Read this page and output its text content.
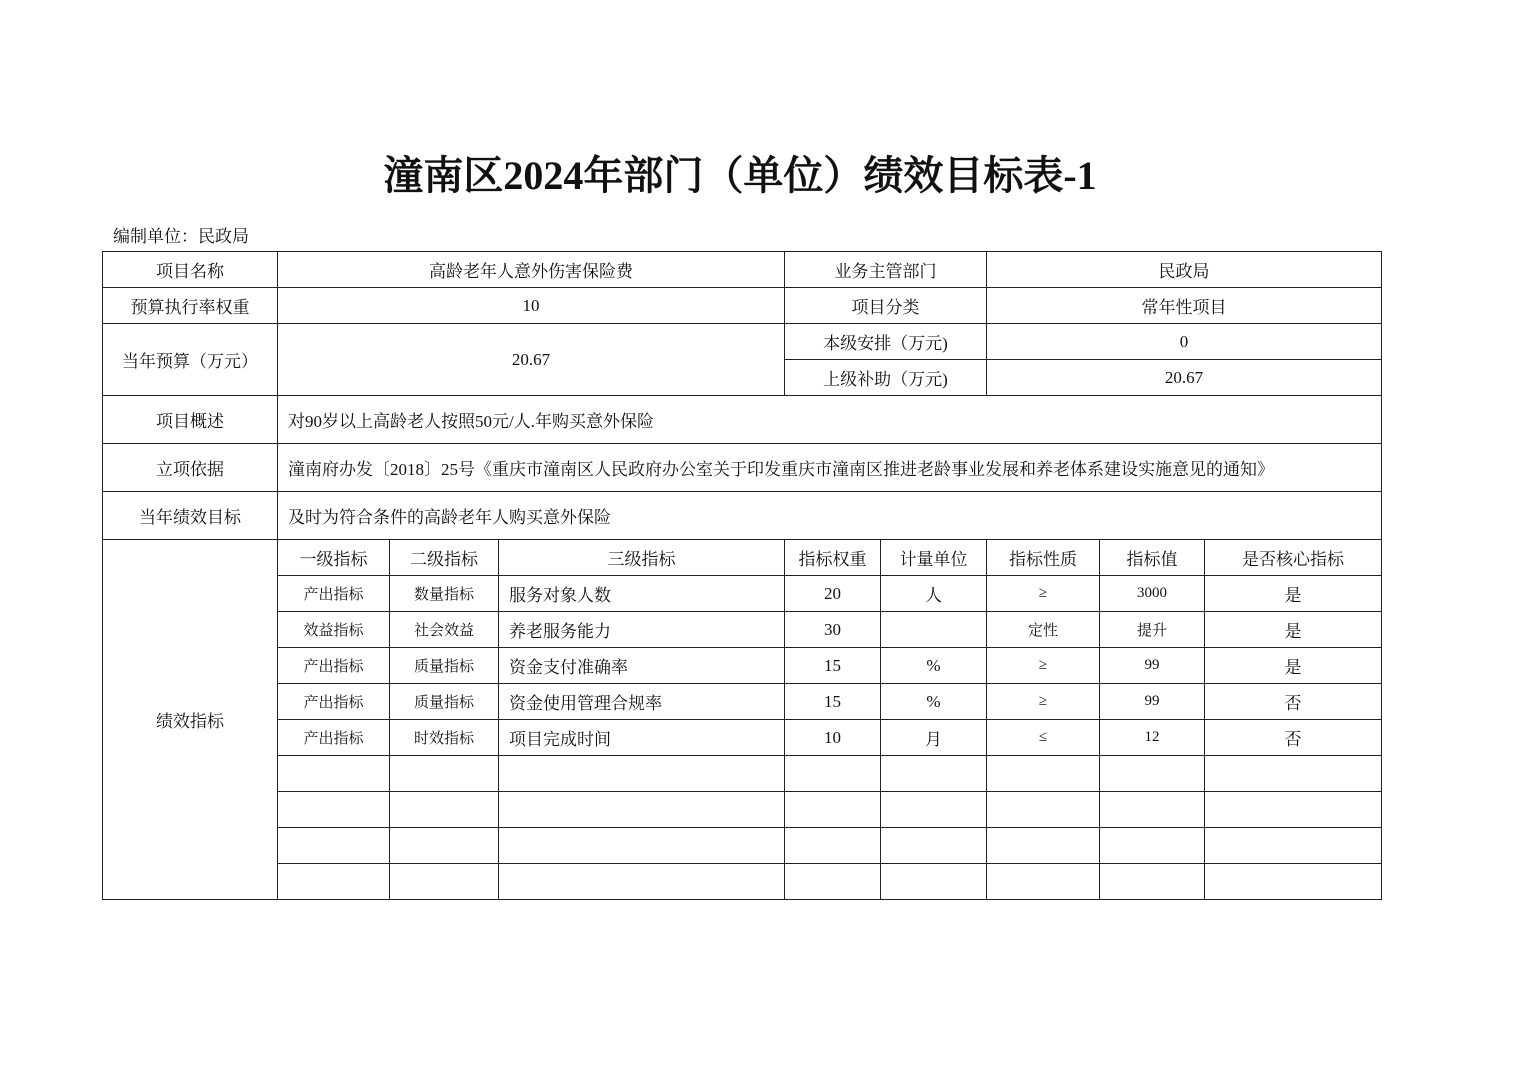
潼南区2024年部门（单位）绩效目标表-1
编制单位：民政局
项目名称	高龄老年人意外伤害保险费			业务主管部门		民政局		
预算执行率权重	10			项目分类		常年性项目		
当年预算（万元）	20.67			本级安排（万元)		0		
				上级补助（万元)		20.67		
项目概述	对90岁以上高龄老人按照50元/人.年购买意外保险							
立项依据	潼南府办发〔2018〕25号《重庆市潼南区人民政府办公室关于印发重庆市潼南区推进老龄事业发展和养老体系建设实施意见的通知》							
当年绩效目标	及时为符合条件的高龄老年人购买意外保险							
绩效指标	一级指标	二级指标	三级指标	指标权重	计量单位	指标性质	指标值	是否核心指标
	产出指标	数量指标	服务对象人数	20	人	≥	3000	是
	效益指标	社会效益	养老服务能力	30		定性	提升	是
	产出指标	质量指标	资金支付准确率	15	%	≥	99	是
	产出指标	质量指标	资金使用管理合规率	15	%	≥	99	否
	产出指标	时效指标	项目完成时间	10	月	≤	12	否
